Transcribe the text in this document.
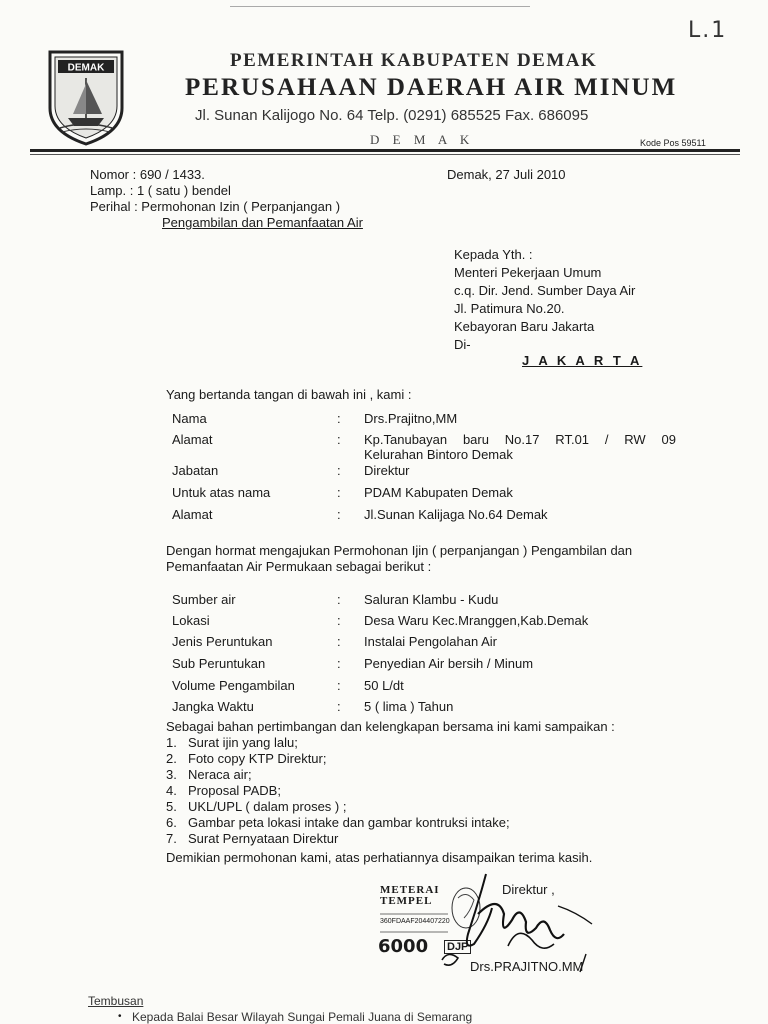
L.1
DEMAK	PEMERINTAH KABUPATEN DEMAK
PERUSAHAAN DAERAH AIR MINUM
Jl. Sunan Kalijogo No. 64 Telp. (0291) 685525 Fax. 686095
D E M A K	Kode Pos 59511
Nomor : 690 / 1433.
Lamp. : 1 ( satu ) bendel
Perihal : Permohonan Izin ( Perpanjangan )
Pengambilan dan Pemanfaatan Air
Demak, 27 Juli 2010
Kepada Yth. :
Menteri Pekerjaan Umum
c.q. Dir. Jend. Sumber Daya Air
Jl. Patimura No.20.
Kebayoran Baru Jakarta
Di-
J A K A R T A
Yang bertanda tangan di bawah ini , kami :
Nama	: Drs.Prajitno,MM
Alamat	: Kp.Tanubayan baru No.17 RT.01 / RW 09
Kelurahan Bintoro Demak
Jabatan	: Direktur
Untuk atas nama	: PDAM Kabupaten Demak
Alamat	: Jl.Sunan Kalijaga No.64 Demak
Dengan hormat mengajukan Permohonan Ijin ( perpanjangan ) Pengambilan dan
Pemanfaatan Air Permukaan sebagai berikut :
Sumber air	: Saluran Klambu - Kudu
Lokasi	: Desa Waru Kec.Mranggen,Kab.Demak
Jenis Peruntukan	: Instalai Pengolahan Air
Sub Peruntukan	: Penyedian Air bersih / Minum
Volume Pengambilan	: 50 L/dt
Jangka Waktu	: 5 ( lima ) Tahun
Sebagai bahan pertimbangan dan kelengkapan bersama ini kami sampaikan :
1. Surat ijin yang lalu;
2. Foto copy KTP Direktur;
3. Neraca air;
4. Proposal PADB;
5. UKL/UPL ( dalam proses ) ;
6. Gambar peta lokasi intake dan gambar kontruksi intake;
7. Surat Pernyataan Direktur
Demikian permohonan kami, atas perhatiannya disampaikan terima kasih.
METERAI
TEMPEL
360FDAAF204407220
6000 DJP
Direktur ,
Drs.PRAJITNO.MM
Tembusan
• Kepada Balai Besar Wilayah Sungai Pemali Juana di Semarang
